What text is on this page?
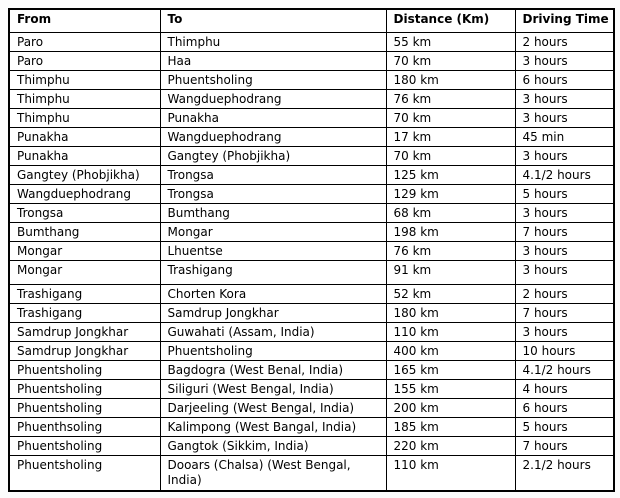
From	To	Distance (Km)	Driving Time
Paro	Thimphu	55 km	2 hours
Paro	Haa	70 km	3 hours
Thimphu	Phuentsholing	180 km	6 hours
Thimphu	Wangduephodrang	76 km	3 hours
Thimphu	Punakha	70 km	3 hours
Punakha	Wangduephodrang	17 km	45 min
Punakha	Gangtey (Phobjikha)	70 km	3 hours
Gangtey (Phobjikha)	Trongsa	125 km	4.1/2 hours
Wangduephodrang	Trongsa	129 km	5 hours
Trongsa	Bumthang	68 km	3 hours
Bumthang	Mongar	198 km	7 hours
Mongar	Lhuentse	76 km	3 hours
Mongar	Trashigang	91 km	3 hours
Trashigang	Chorten Kora	52 km	2 hours
Trashigang	Samdrup Jongkhar	180 km	7 hours
Samdrup Jongkhar	Guwahati (Assam, India)	110 km	3 hours
Samdrup Jongkhar	Phuentsholing	400 km	10 hours
Phuentsholing	Bagdogra (West Benal, India)	165 km	4.1/2 hours
Phuentsholing	Siliguri (West Bengal, India)	155 km	4 hours
Phuentsholing	Darjeeling (West Bengal, India)	200 km	6 hours
Phuenthsoling	Kalimpong (West Bangal, India)	185 km	5 hours
Phuentsholing	Gangtok (Sikkim, India)	220 km	7 hours
Phuentsholing	Dooars (Chalsa) (West Bengal, India)	110 km	2.1/2 hours
